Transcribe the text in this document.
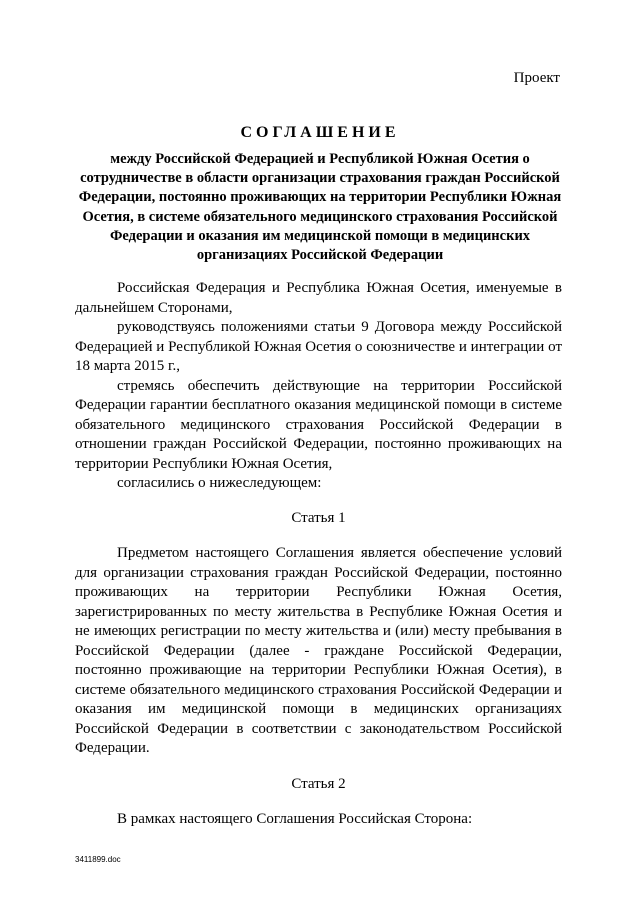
Проект
СОГЛАШЕНИЕ
между Российской Федерацией и Республикой Южная Осетия о сотрудничестве в области организации страхования граждан Российской Федерации, постоянно проживающих на территории Республики Южная Осетия, в системе обязательного медицинского страхования Российской Федерации и оказания им медицинской помощи в медицинских организациях Российской Федерации

Российская Федерация и Республика Южная Осетия, именуемые в дальнейшем Сторонами,

руководствуясь положениями статьи 9 Договора между Российской Федерацией и Республикой Южная Осетия о союзничестве и интеграции от 18 марта 2015 г.,

стремясь обеспечить действующие на территории Российской Федерации гарантии бесплатного оказания медицинской помощи в системе обязательного медицинского страхования Российской Федерации в отношении граждан Российской Федерации, постоянно проживающих на территории Республики Южная Осетия,

согласились о нижеследующем:

Статья 1

Предметом настоящего Соглашения является обеспечение условий для организации страхования граждан Российской Федерации, постоянно проживающих на территории Республики Южная Осетия, зарегистрированных по месту жительства в Республике Южная Осетия и не имеющих регистрации по месту жительства и (или) месту пребывания в Российской Федерации (далее - граждане Российской Федерации, постоянно проживающие на территории Республики Южная Осетия), в системе обязательного медицинского страхования Российской Федерации и оказания им медицинской помощи в медицинских организациях Российской Федерации в соответствии с законодательством Российской Федерации.

Статья 2

В рамках настоящего Соглашения Российская Сторона:

3411899.doc
